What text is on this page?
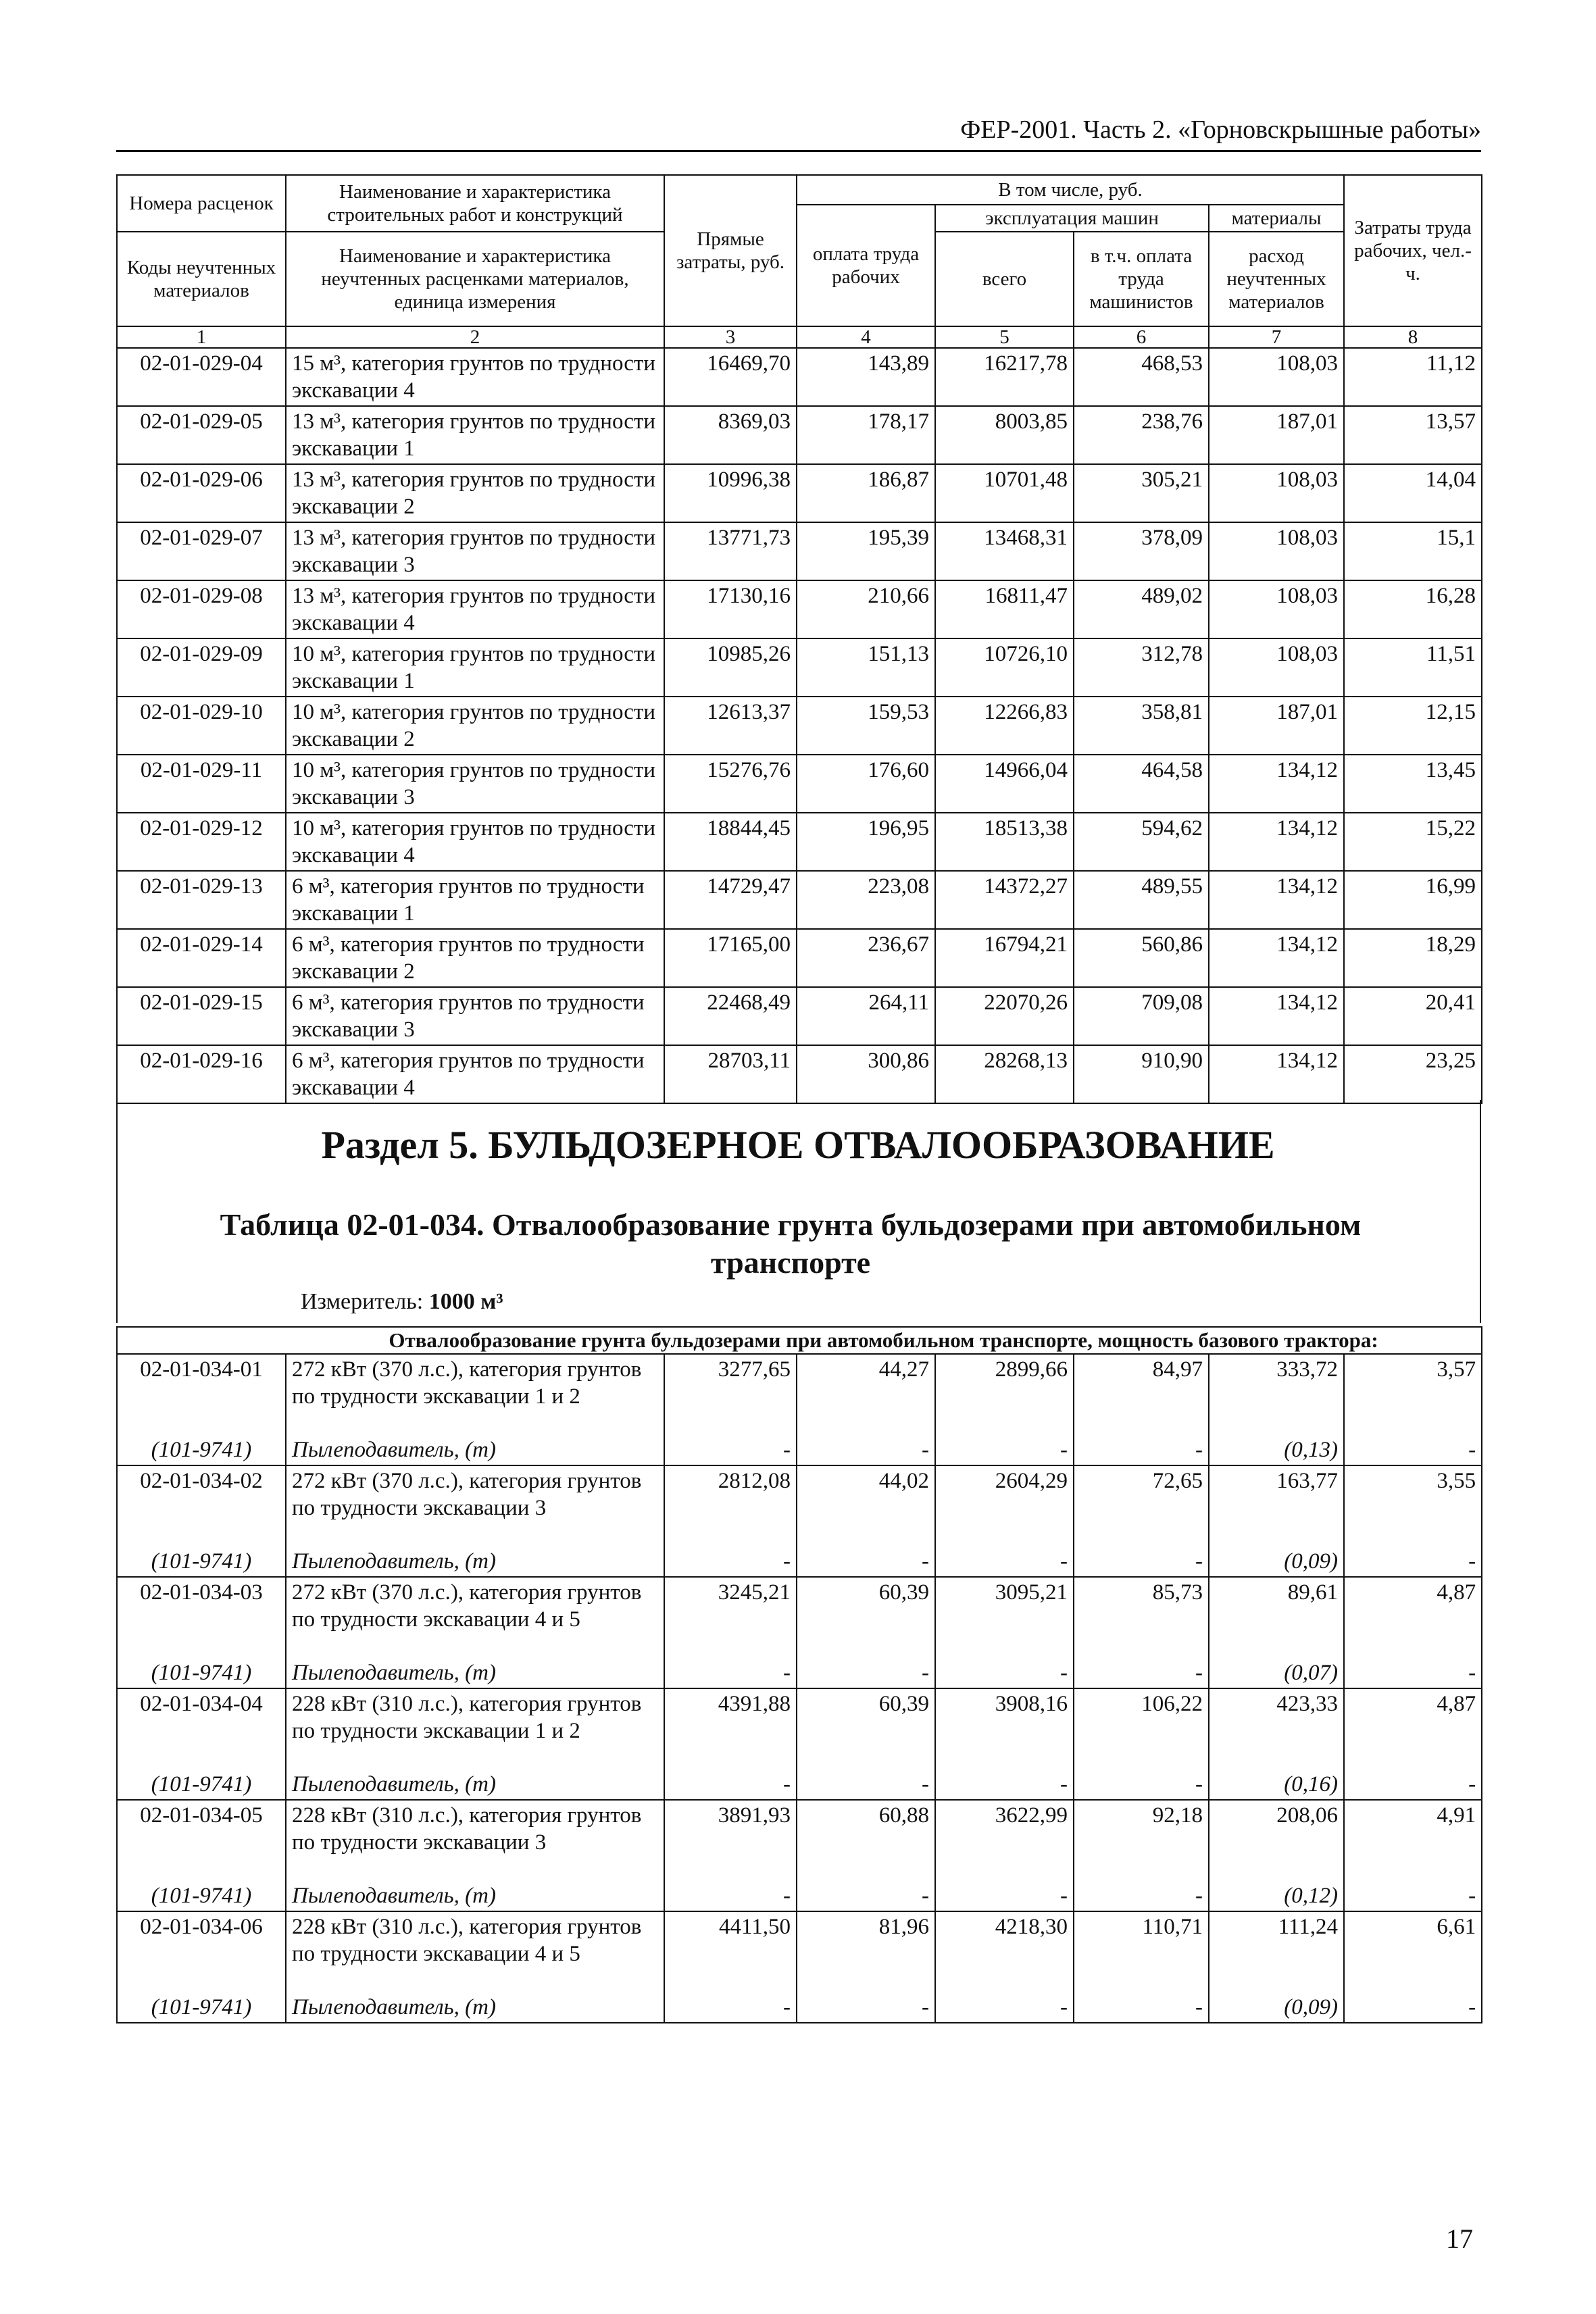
ФЕР-2001. Часть 2. «Горновскрышные работы»
Номера расценок	Наименование и характеристика строительных работ и конструкций	Прямые затраты, руб.	В том числе, руб.				Затраты труда рабочих, чел.-ч.
			оплата труда рабочих	эксплуатация машин		материалы	
Коды неучтенных материалов	Наименование и характеристика неучтенных расценками материалов, единица измерения			всего	в т.ч. оплата труда машинистов	расход неучтенных материалов	

1	2	3	4	5	6	7	8
02-01-029-04	15 м³, категория грунтов по трудности экскавации 4	16469,70	143,89	16217,78	468,53	108,03	11,12
02-01-029-05	13 м³, категория грунтов по трудности экскавации 1	8369,03	178,17	8003,85	238,76	187,01	13,57
02-01-029-06	13 м³, категория грунтов по трудности экскавации 2	10996,38	186,87	10701,48	305,21	108,03	14,04
02-01-029-07	13 м³, категория грунтов по трудности экскавации 3	13771,73	195,39	13468,31	378,09	108,03	15,1
02-01-029-08	13 м³, категория грунтов по трудности экскавации 4	17130,16	210,66	16811,47	489,02	108,03	16,28
02-01-029-09	10 м³, категория грунтов по трудности экскавации 1	10985,26	151,13	10726,10	312,78	108,03	11,51
02-01-029-10	10 м³, категория грунтов по трудности экскавации 2	12613,37	159,53	12266,83	358,81	187,01	12,15
02-01-029-11	10 м³, категория грунтов по трудности экскавации 3	15276,76	176,60	14966,04	464,58	134,12	13,45
02-01-029-12	10 м³, категория грунтов по трудности экскавации 4	18844,45	196,95	18513,38	594,62	134,12	15,22
02-01-029-13	6 м³, категория грунтов по трудности экскавации 1	14729,47	223,08	14372,27	489,55	134,12	16,99
02-01-029-14	6 м³, категория грунтов по трудности экскавации 2	17165,00	236,67	16794,21	560,86	134,12	18,29
02-01-029-15	6 м³, категория грунтов по трудности экскавации 3	22468,49	264,11	22070,26	709,08	134,12	20,41
02-01-029-16	6 м³, категория грунтов по трудности экскавации 4	28703,11	300,86	28268,13	910,90	134,12	23,25
Раздел 5. БУЛЬДОЗЕРНОЕ ОТВАЛООБРАЗОВАНИЕ
Таблица 02-01-034. Отвалообразование грунта бульдозерами при автомобильном
транспорте
Измеритель: 1000 м³
	Отвалообразование грунта бульдозерами при автомобильном транспорте, мощность базового трактора:						
02-01-034-01	272 кВт (370 л.с.), категория грунтов по трудности экскавации 1 и 2	3277,65	44,27	2899,66	84,97	333,72	3,57
(101-9741)	Пылеподавитель, (т)	-	-	-	-	(0,13)	-
02-01-034-02	272 кВт (370 л.с.), категория грунтов по трудности экскавации 3	2812,08	44,02	2604,29	72,65	163,77	3,55
(101-9741)	Пылеподавитель, (т)	-	-	-	-	(0,09)	-
02-01-034-03	272 кВт (370 л.с.), категория грунтов по трудности экскавации 4 и 5	3245,21	60,39	3095,21	85,73	89,61	4,87
(101-9741)	Пылеподавитель, (т)	-	-	-	-	(0,07)	-
02-01-034-04	228 кВт (310 л.с.), категория грунтов по трудности экскавации 1 и 2	4391,88	60,39	3908,16	106,22	423,33	4,87
(101-9741)	Пылеподавитель, (т)	-	-	-	-	(0,16)	-
02-01-034-05	228 кВт (310 л.с.), категория грунтов по трудности экскавации 3	3891,93	60,88	3622,99	92,18	208,06	4,91
(101-9741)	Пылеподавитель, (т)	-	-	-	-	(0,12)	-
02-01-034-06	228 кВт (310 л.с.), категория грунтов по трудности экскавации 4 и 5	4411,50	81,96	4218,30	110,71	111,24	6,61
(101-9741)	Пылеподавитель, (т)	-	-	-	-	(0,09)	-
17
